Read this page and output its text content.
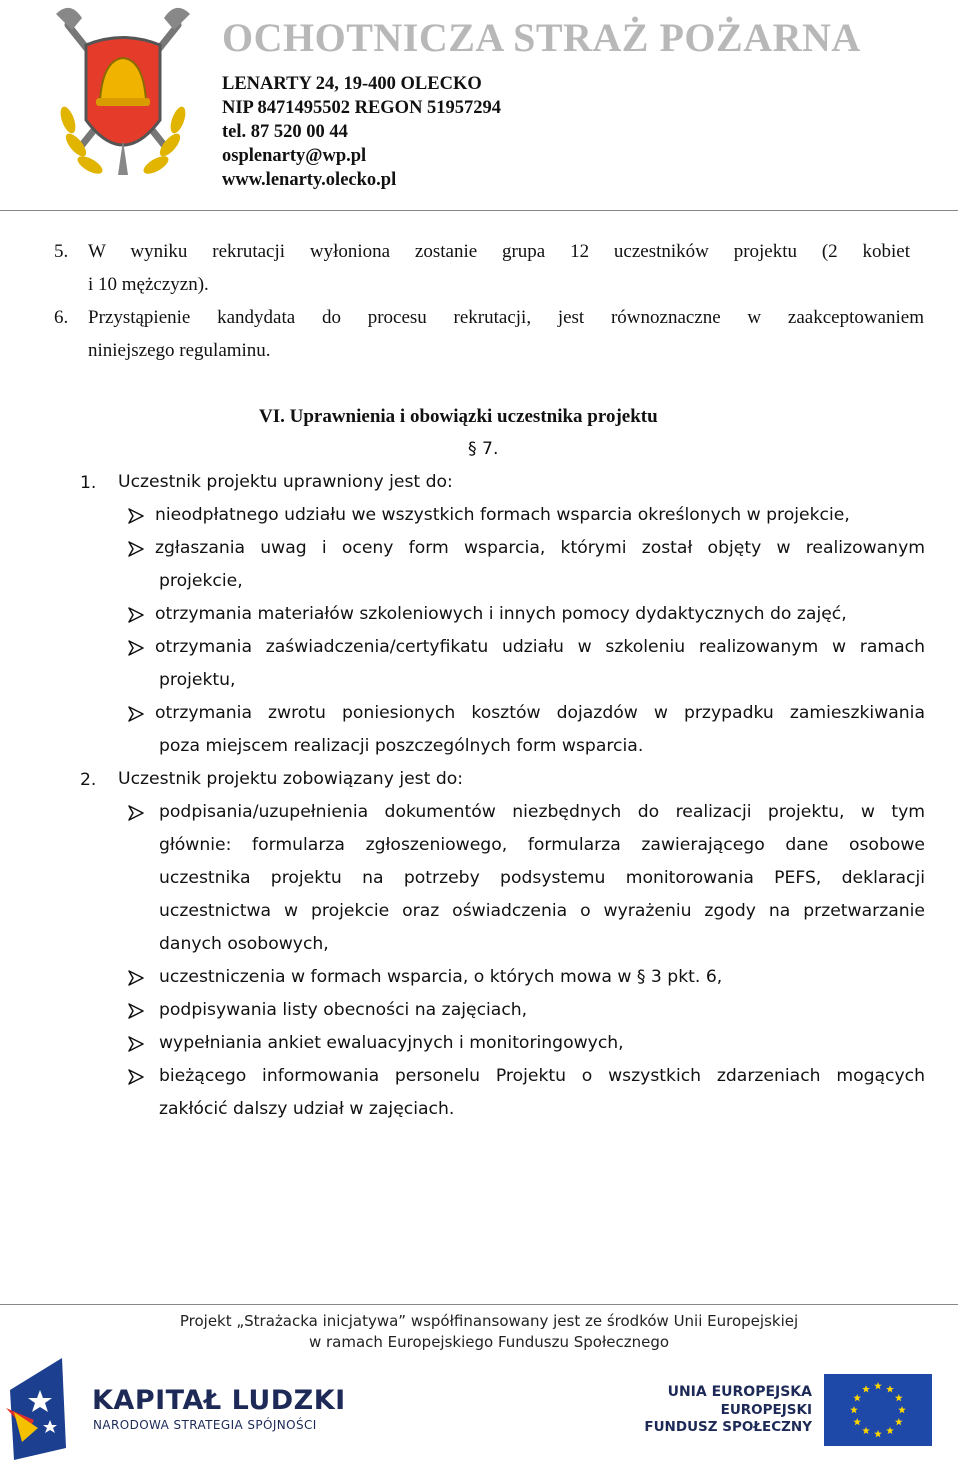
OCHOTNICZA STRAŻ POŻARNA
LENARTY 24, 19-400 OLECKO
NIP 8471495502 REGON 51957294
tel. 87 520 00 44
osplenarty@wp.pl
www.lenarty.olecko.pl
5. W wyniku rekrutacji wyłoniona zostanie grupa 12 uczestników projektu (2 kobiet
i 10 mężczyzn).
6. Przystąpienie kandydata do procesu rekrutacji, jest równoznaczne w zaakceptowaniem
niniejszego regulaminu.
VI. Uprawnienia i obowiązki uczestnika projektu
§ 7.
1. Uczestnik projektu uprawniony jest do:
nieodpłatnego udziału we wszystkich formach wsparcia określonych w projekcie,
zgłaszania uwag i oceny form wsparcia, którymi został objęty w realizowanym
projekcie,
otrzymania materiałów szkoleniowych i innych pomocy dydaktycznych do zajęć,
otrzymania zaświadczenia/certyfikatu udziału w szkoleniu realizowanym w ramach
projektu,
otrzymania zwrotu poniesionych kosztów dojazdów w przypadku zamieszkiwania
poza miejscem realizacji poszczególnych form wsparcia.
2. Uczestnik projektu zobowiązany jest do:
podpisania/uzupełnienia dokumentów niezbędnych do realizacji projektu, w tym
głównie: formularza zgłoszeniowego, formularza zawierającego dane osobowe
uczestnika projektu na potrzeby podsystemu monitorowania PEFS, deklaracji
uczestnictwa w projekcie oraz oświadczenia o wyrażeniu zgody na przetwarzanie
danych osobowych,
uczestniczenia w formach wsparcia, o których mowa w § 3 pkt. 6,
podpisywania listy obecności na zajęciach,
wypełniania ankiet ewaluacyjnych i monitoringowych,
bieżącego informowania personelu Projektu o wszystkich zdarzeniach mogących
zakłócić dalszy udział w zajęciach.
Projekt „Strażacka inicjatywa” współfinansowany jest ze środków Unii Europejskiej
w ramach Europejskiego Funduszu Społecznego
KAPITAŁ LUDZKI
NARODOWA STRATEGIA SPÓJNOŚCI
UNIA EUROPEJSKA
EUROPEJSKI
FUNDUSZ SPOŁECZNY
